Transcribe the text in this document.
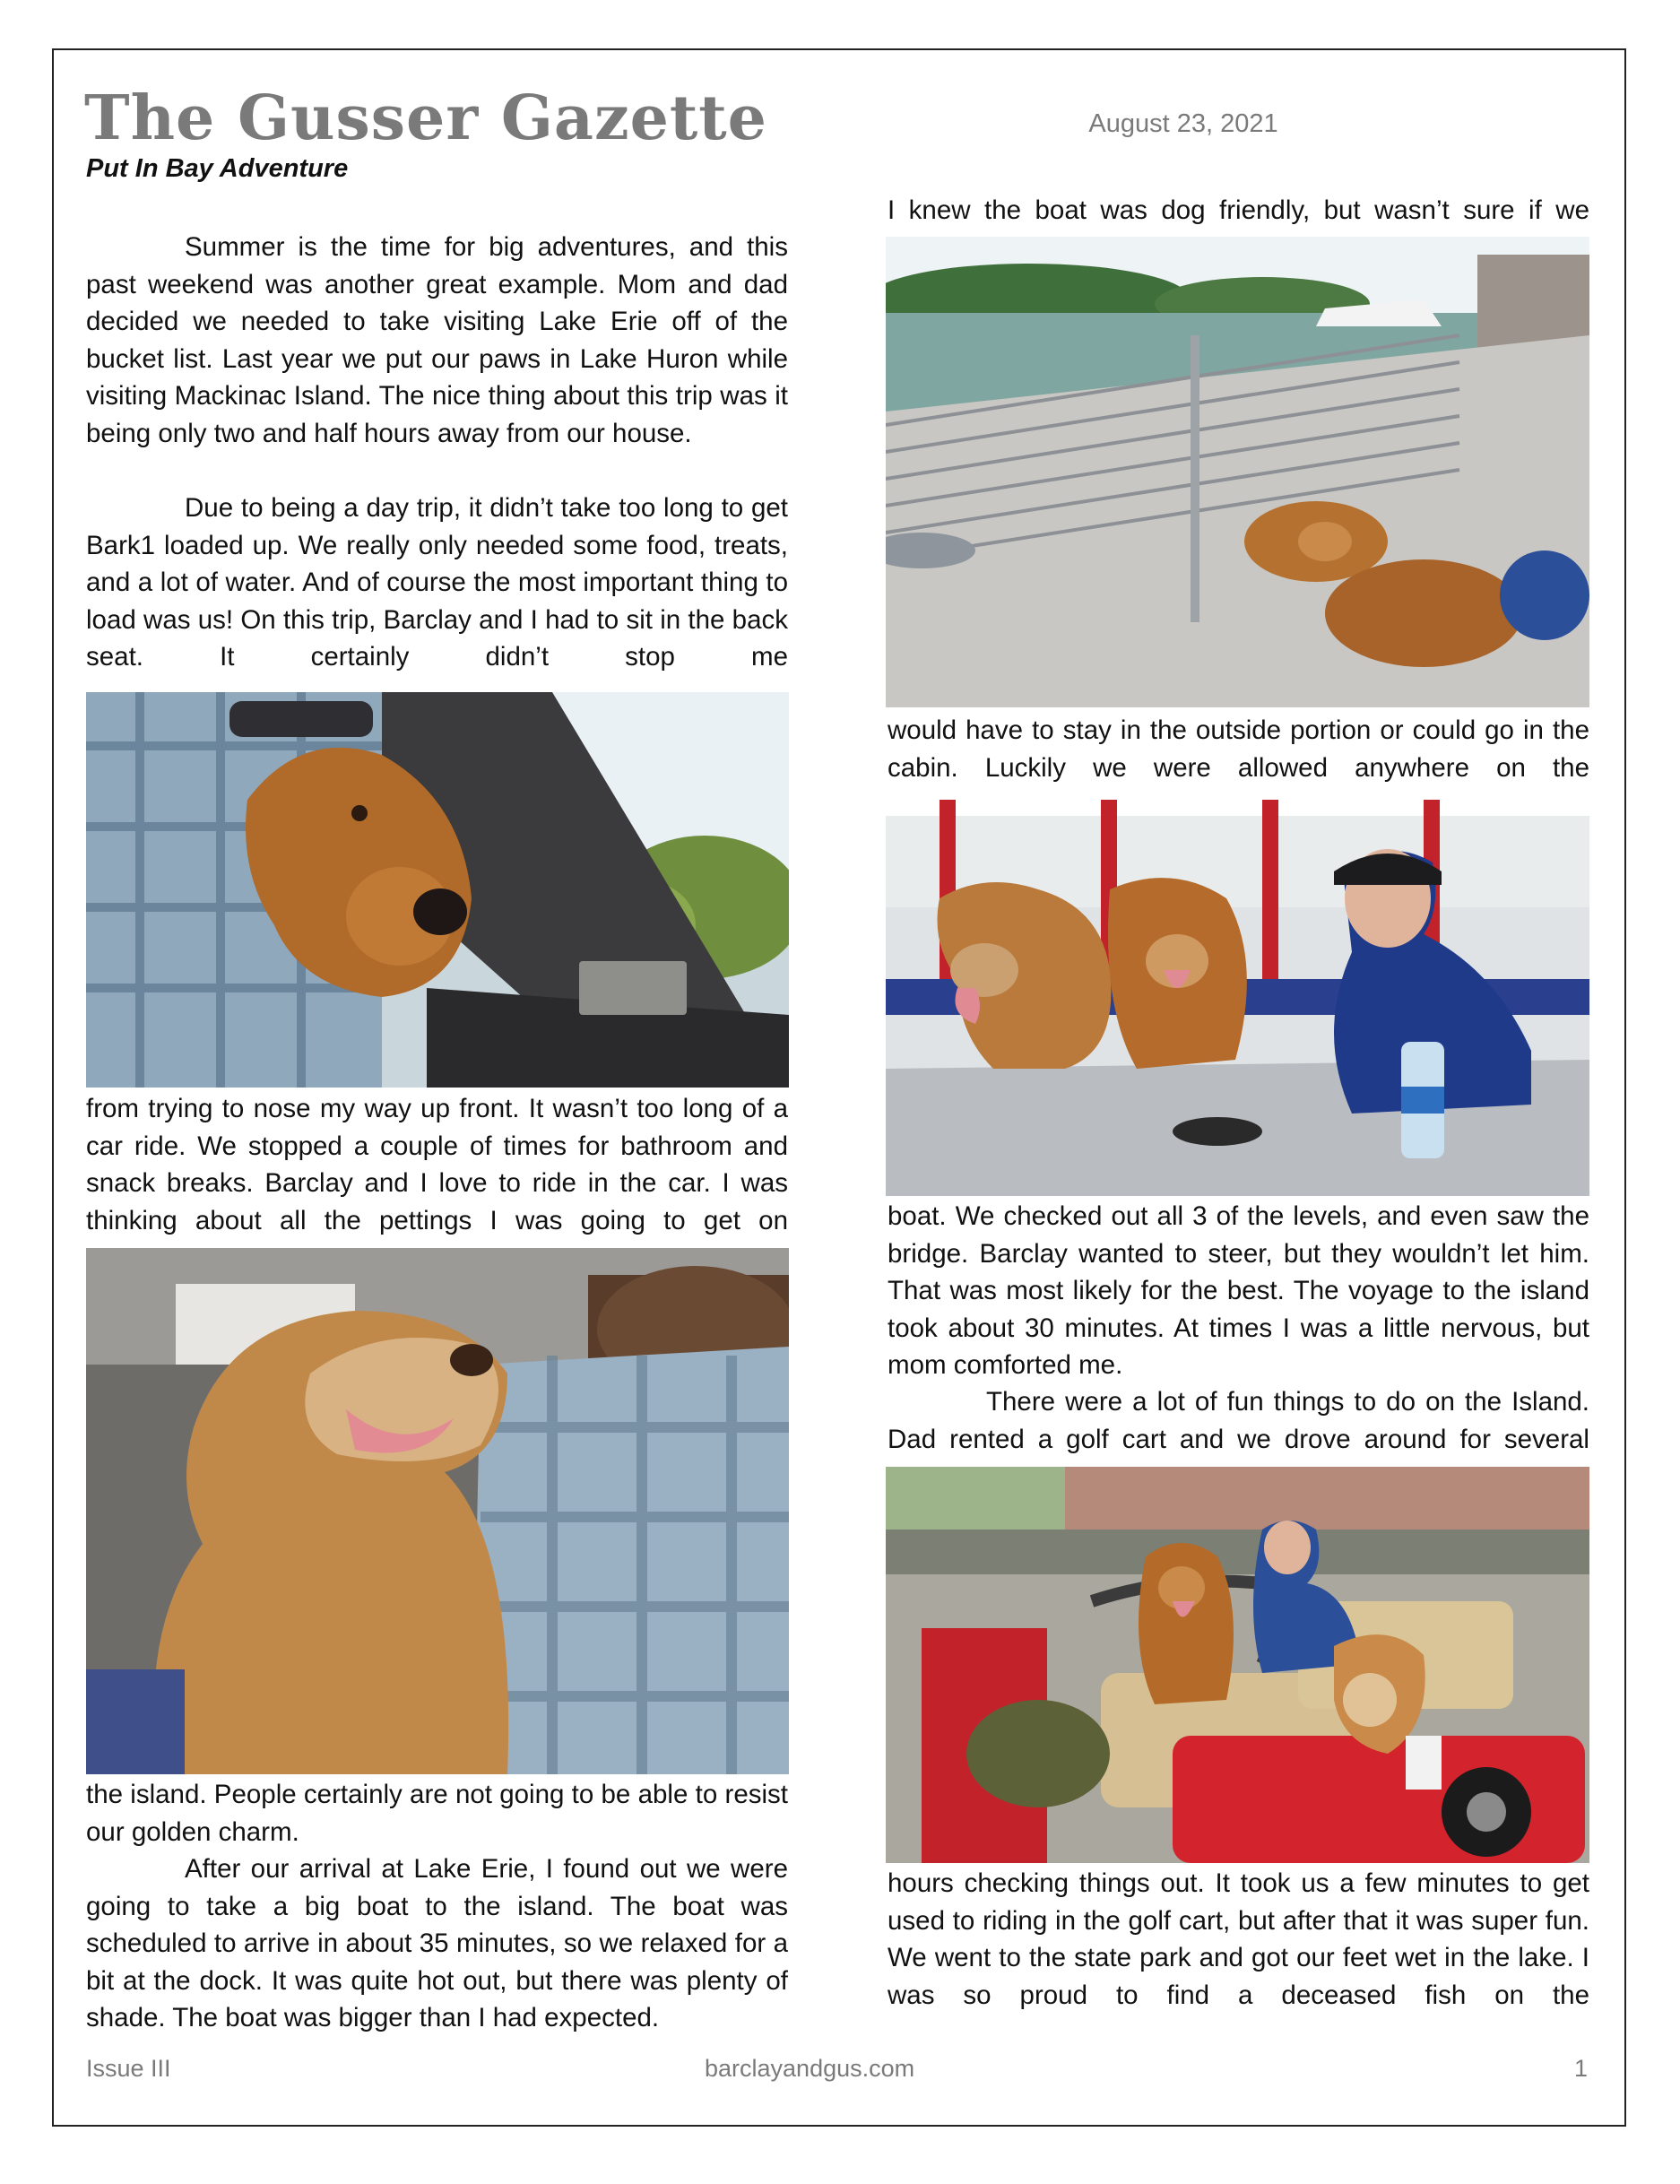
The Gusser Gazette	August 23, 2021
Put In Bay Adventure

Summer is the time for big adventures, and this past weekend was another great example. Mom and dad decided we needed to take visiting Lake Erie off of the bucket list. Last year we put our paws in Lake Huron while visiting Mackinac Island. The nice thing about this trip was it being only two and half hours away from our house.

Due to being a day trip, it didn’t take too long to get Bark1 loaded up. We really only needed some food, treats, and a lot of water. And of course the most important thing to load was us! On this trip, Barclay and I had to sit in the back seat. It certainly didn’t stop me

from trying to nose my way up front. It wasn’t too long of a car ride. We stopped a couple of times for bathroom and snack breaks. Barclay and I love to ride in the car. I was thinking about all the pettings I was going to get on

the island. People certainly are not going to be able to resist our golden charm.

After our arrival at Lake Erie, I found out we were going to take a big boat to the island. The boat was scheduled to arrive in about 35 minutes, so we relaxed for a bit at the dock. It was quite hot out, but there was plenty of shade. The boat was bigger than I had expected.

I knew the boat was dog friendly, but wasn’t sure if we

would have to stay in the outside portion or could go in the cabin. Luckily we were allowed anywhere on the

boat. We checked out all 3 of the levels, and even saw the bridge. Barclay wanted to steer, but they wouldn’t let him. That was most likely for the best. The voyage to the island took about 30 minutes. At times I was a little nervous, but mom comforted me.

There were a lot of fun things to do on the Island. Dad rented a golf cart and we drove around for several

hours checking things out. It took us a few minutes to get used to riding in the golf cart, but after that it was super fun. We went to the state park and got our feet wet in the lake. I was so proud to find a deceased fish on the

Issue III	barclayandgus.com	1
